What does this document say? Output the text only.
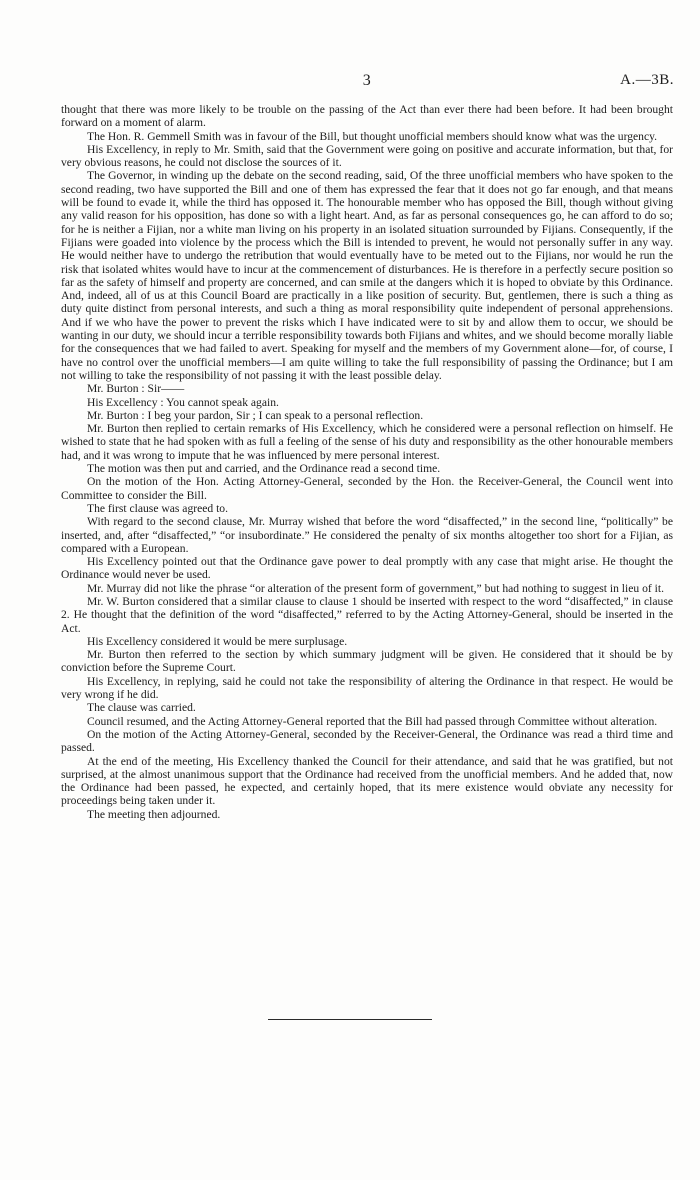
3	A.—3B.

thought that there was more likely to be trouble on the passing of the Act than ever there had been before. It had been brought forward on a moment of alarm.

The Hon. R. Gemmell Smith was in favour of the Bill, but thought unofficial members should know what was the urgency.

His Excellency, in reply to Mr. Smith, said that the Government were going on positive and accurate information, but that, for very obvious reasons, he could not disclose the sources of it.

The Governor, in winding up the debate on the second reading, said, Of the three unofficial members who have spoken to the second reading, two have supported the Bill and one of them has expressed the fear that it does not go far enough, and that means will be found to evade it, while the third has opposed it. The honourable member who has opposed the Bill, though without giving any valid reason for his opposition, has done so with a light heart. And, as far as personal consequences go, he can afford to do so; for he is neither a Fijian, nor a white man living on his property in an isolated situation surrounded by Fijians. Consequently, if the Fijians were goaded into violence by the process which the Bill is intended to prevent, he would not personally suffer in any way. He would neither have to undergo the retribution that would eventually have to be meted out to the Fijians, nor would he run the risk that isolated whites would have to incur at the commencement of disturbances. He is therefore in a perfectly secure position so far as the safety of himself and property are concerned, and can smile at the dangers which it is hoped to obviate by this Ordinance. And, indeed, all of us at this Council Board are practically in a like position of security. But, gentlemen, there is such a thing as duty quite distinct from personal interests, and such a thing as moral responsibility quite independent of personal apprehensions. And if we who have the power to prevent the risks which I have indicated were to sit by and allow them to occur, we should be wanting in our duty, we should incur a terrible responsibility towards both Fijians and whites, and we should become morally liable for the consequences that we had failed to avert. Speaking for myself and the members of my Government alone—for, of course, I have no control over the unofficial members—I am quite willing to take the full responsibility of passing the Ordinance; but I am not willing to take the responsibility of not passing it with the least possible delay.

Mr. Burton : Sir——

His Excellency : You cannot speak again.

Mr. Burton : I beg your pardon, Sir ; I can speak to a personal reflection.

Mr. Burton then replied to certain remarks of His Excellency, which he considered were a personal reflection on himself. He wished to state that he had spoken with as full a feeling of the sense of his duty and responsibility as the other honourable members had, and it was wrong to impute that he was influenced by mere personal interest.

The motion was then put and carried, and the Ordinance read a second time.

On the motion of the Hon. Acting Attorney-General, seconded by the Hon. the Receiver-General, the Council went into Committee to consider the Bill.

The first clause was agreed to.

With regard to the second clause, Mr. Murray wished that before the word “disaffected,” in the second line, “politically” be inserted, and, after “disaffected,” “or insubordinate.” He considered the penalty of six months altogether too short for a Fijian, as compared with a European.

His Excellency pointed out that the Ordinance gave power to deal promptly with any case that might arise. He thought the Ordinance would never be used.

Mr. Murray did not like the phrase “or alteration of the present form of government,” but had nothing to suggest in lieu of it.

Mr. W. Burton considered that a similar clause to clause 1 should be inserted with respect to the word “disaffected,” in clause 2. He thought that the definition of the word “disaffected,” referred to by the Acting Attorney-General, should be inserted in the Act.

His Excellency considered it would be mere surplusage.

Mr. Burton then referred to the section by which summary judgment will be given. He considered that it should be by conviction before the Supreme Court.

His Excellency, in replying, said he could not take the responsibility of altering the Ordinance in that respect. He would be very wrong if he did.

The clause was carried.

Council resumed, and the Acting Attorney-General reported that the Bill had passed through Committee without alteration.

On the motion of the Acting Attorney-General, seconded by the Receiver-General, the Ordinance was read a third time and passed.

At the end of the meeting, His Excellency thanked the Council for their attendance, and said that he was gratified, but not surprised, at the almost unanimous support that the Ordinance had received from the unofficial members. And he added that, now the Ordinance had been passed, he expected, and certainly hoped, that its mere existence would obviate any necessity for proceedings being taken under it.

The meeting then adjourned.
